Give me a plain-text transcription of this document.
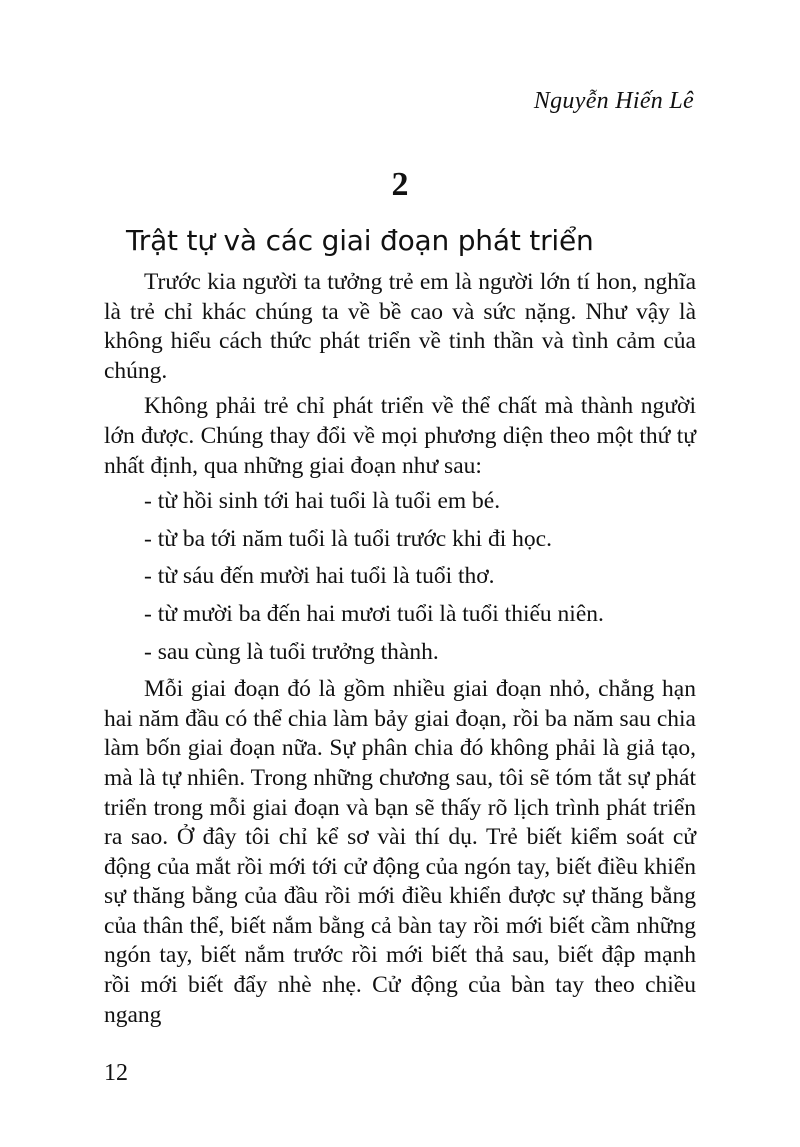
Nguyễn Hiến Lê
2
Trật tự và các giai đoạn phát triển

Trước kia người ta tưởng trẻ em là người lớn tí hon, nghĩa là trẻ chỉ khác chúng ta về bề cao và sức nặng. Như vậy là không hiểu cách thức phát triển về tinh thần và tình cảm của chúng.

Không phải trẻ chỉ phát triển về thể chất mà thành người lớn được. Chúng thay đổi về mọi phương diện theo một thứ tự nhất định, qua những giai đoạn như sau:

- từ hồi sinh tới hai tuổi là tuổi em bé.
- từ ba tới năm tuổi là tuổi trước khi đi học.
- từ sáu đến mười hai tuổi là tuổi thơ.
- từ mười ba đến hai mươi tuổi là tuổi thiếu niên.
- sau cùng là tuổi trưởng thành.

Mỗi giai đoạn đó là gồm nhiều giai đoạn nhỏ, chẳng hạn hai năm đầu có thể chia làm bảy giai đoạn, rồi ba năm sau chia làm bốn giai đoạn nữa. Sự phân chia đó không phải là giả tạo, mà là tự nhiên. Trong những chương sau, tôi sẽ tóm tắt sự phát triển trong mỗi giai đoạn và bạn sẽ thấy rõ lịch trình phát triển ra sao. Ở đây tôi chỉ kể sơ vài thí dụ. Trẻ biết kiểm soát cử động của mắt rồi mới tới cử động của ngón tay, biết điều khiển sự thăng bằng của đầu rồi mới điều khiển được sự thăng bằng của thân thể, biết nắm bằng cả bàn tay rồi mới biết cầm những ngón tay, biết nắm trước rồi mới biết thả sau, biết đập mạnh rồi mới biết đẩy nhè nhẹ. Cử động của bàn tay theo chiều ngang

12
